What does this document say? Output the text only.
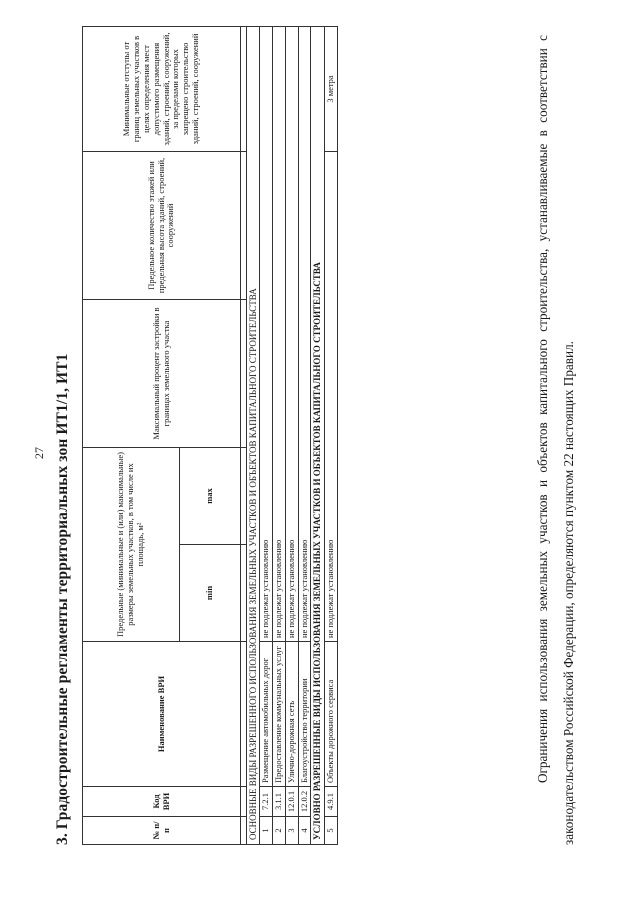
27 3. Градостроительные регламенты территориальных зон ИТ1/1, ИТ1	№ п/п	Код ВРИ	Наименование ВРИ	Предельные (минимальные и (или) максимальные) размеры земельных участков, в том числе их площадь, м²		Максимальный процент застройки в границах земельного участка	Предельное количество этажей или предельная высота зданий, строений, сооружений	Минимальные отступы от границ земельных участков в целях определения мест допустимого размещения зданий, строений, сооружений, за пределами которых запрещено строительство зданий, строений, сооружений
			min	max			

ОСНОВНЫЕ ВИДЫ РАЗРЕШЕННОГО ИСПОЛЬЗОВАНИЯ ЗЕМЕЛЬНЫХ УЧАСТКОВ И ОБЪЕКТОВ КАПИТАЛЬНОГО СТРОИТЕЛЬСТВА							
1	7.2.1	Размещение автомобильных дорог	не подлежат установлению				
2	3.1.1	Предоставление коммунальных услуг	не подлежат установлению				
3	12.0.1	Улично-дорожная сеть	не подлежат установлению				
4	12.0.2	Благоустройство территории	не подлежат установлению				
УСЛОВНО РАЗРЕШЕННЫЕ ВИДЫ ИСПОЛЬЗОВАНИЯ ЗЕМЕЛЬНЫХ УЧАСТКОВ И ОБЪЕКТОВ КАПИТАЛЬНОГО СТРОИТЕЛЬСТВА							
5	4.9.1	Объекты дорожного сервиса	не подлежат установлению				3 метра	Ограничения использования земельных участков и объектов капитального строительства, устанавливаемые в соответствии с законодательством Российской Федерации, определяются пунктом 22 настоящих Правил.
